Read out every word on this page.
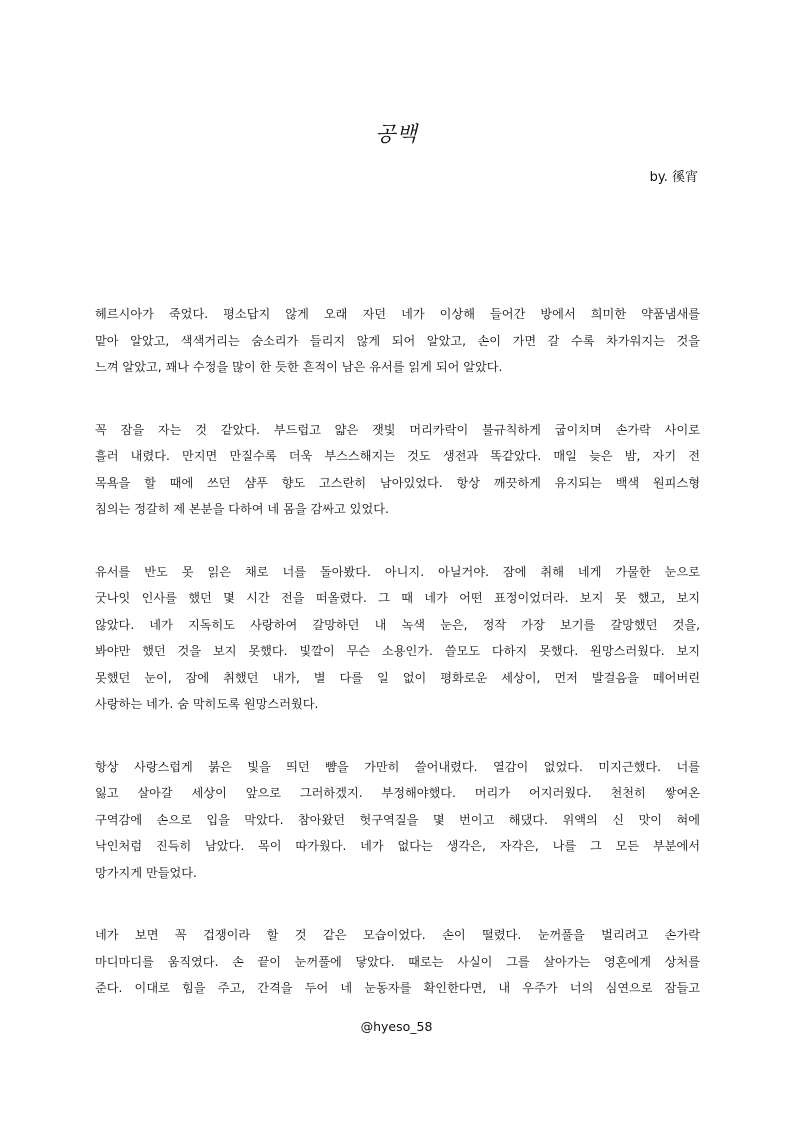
공백
by. 徯宵
헤르시아가 죽었다. 평소답지 않게 오래 자던 네가 이상해 들어간 방에서 희미한 약품냄새를
맡아 알았고, 색색거리는 숨소리가 들리지 않게 되어 알았고, 손이 가면 갈 수록 차가워지는 것을
느껴 알았고, 꽤나 수정을 많이 한 듯한 흔적이 남은 유서를 읽게 되어 알았다.
꼭 잠을 자는 것 같았다. 부드럽고 얇은 잿빛 머리카락이 불규칙하게 굽이치며 손가락 사이로
흘러 내렸다. 만지면 만질수록 더욱 부스스해지는 것도 생전과 똑같았다. 매일 늦은 밤, 자기 전
목욕을 할 때에 쓰던 샴푸 향도 고스란히 남아있었다. 항상 깨끗하게 유지되는 백색 원피스형
침의는 정갈히 제 본분을 다하여 네 몸을 감싸고 있었다.
유서를 반도 못 읽은 채로 너를 돌아봤다. 아니지. 아닐거야. 잠에 취해 네게 가물한 눈으로
굿나잇 인사를 했던 몇 시간 전을 떠올렸다. 그 때 네가 어떤 표정이었더라. 보지 못 했고, 보지
않았다. 네가 지독히도 사랑하여 갈망하던 내 녹색 눈은, 정작 가장 보기를 갈망했던 것을,
봐야만 했던 것을 보지 못했다. 빛깔이 무슨 소용인가. 쓸모도 다하지 못했다. 원망스러웠다. 보지
못했던 눈이, 잠에 취했던 내가, 별 다를 일 없이 평화로운 세상이, 먼저 발걸음을 떼어버린
사랑하는 네가. 숨 막히도록 원망스러웠다.
항상 사랑스럽게 붉은 빛을 띄던 뺨을 가만히 쓸어내렸다. 열감이 없었다. 미지근했다. 너를
잃고 살아갈 세상이 앞으로 그러하겠지. 부정해야했다. 머리가 어지러웠다. 천천히 쌓여온
구역감에 손으로 입을 막았다. 참아왔던 헛구역질을 몇 번이고 해댔다. 위액의 신 맛이 혀에
낙인처럼 진득히 남았다. 목이 따가웠다. 네가 없다는 생각은, 자각은, 나를 그 모든 부분에서
망가지게 만들었다.
네가 보면 꼭 겁쟁이라 할 것 같은 모습이었다. 손이 떨렸다. 눈꺼풀을 벌리려고 손가락
마디마디를 움직였다. 손 끝이 눈꺼풀에 닿았다. 때로는 사실이 그를 살아가는 영혼에게 상처를
준다. 이대로 힘을 주고, 간격을 두어 네 눈동자를 확인한다면, 내 우주가 너의 심연으로 잠들고
@hyeso_58
